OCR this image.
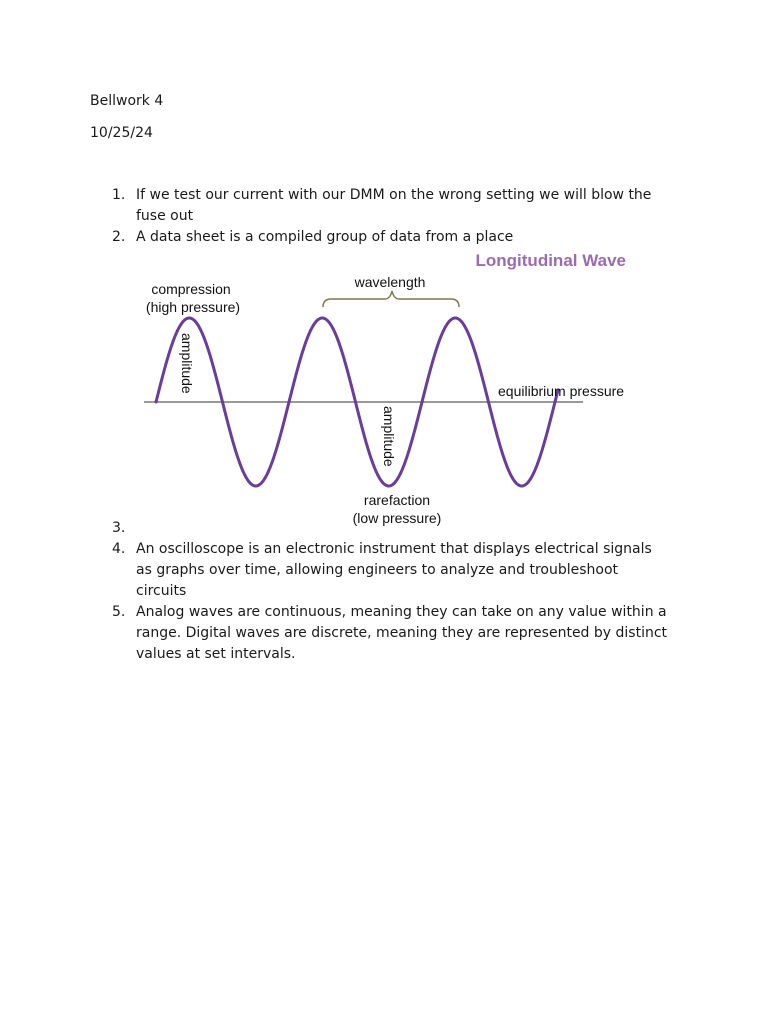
Bellwork 4
10/25/24
1. If we test our current with our DMM on the wrong setting we will blow the fuse out
2. A data sheet is a compiled group of data from a place
Longitudinal Wave
compression
(high pressure)
wavelength
amplitude
amplitude
equilibrium pressure
rarefaction
(low pressure)
3.
4. An oscilloscope is an electronic instrument that displays electrical signals as graphs over time, allowing engineers to analyze and troubleshoot circuits
5. Analog waves are continuous, meaning they can take on any value within a range. Digital waves are discrete, meaning they are represented by distinct values at set intervals.
